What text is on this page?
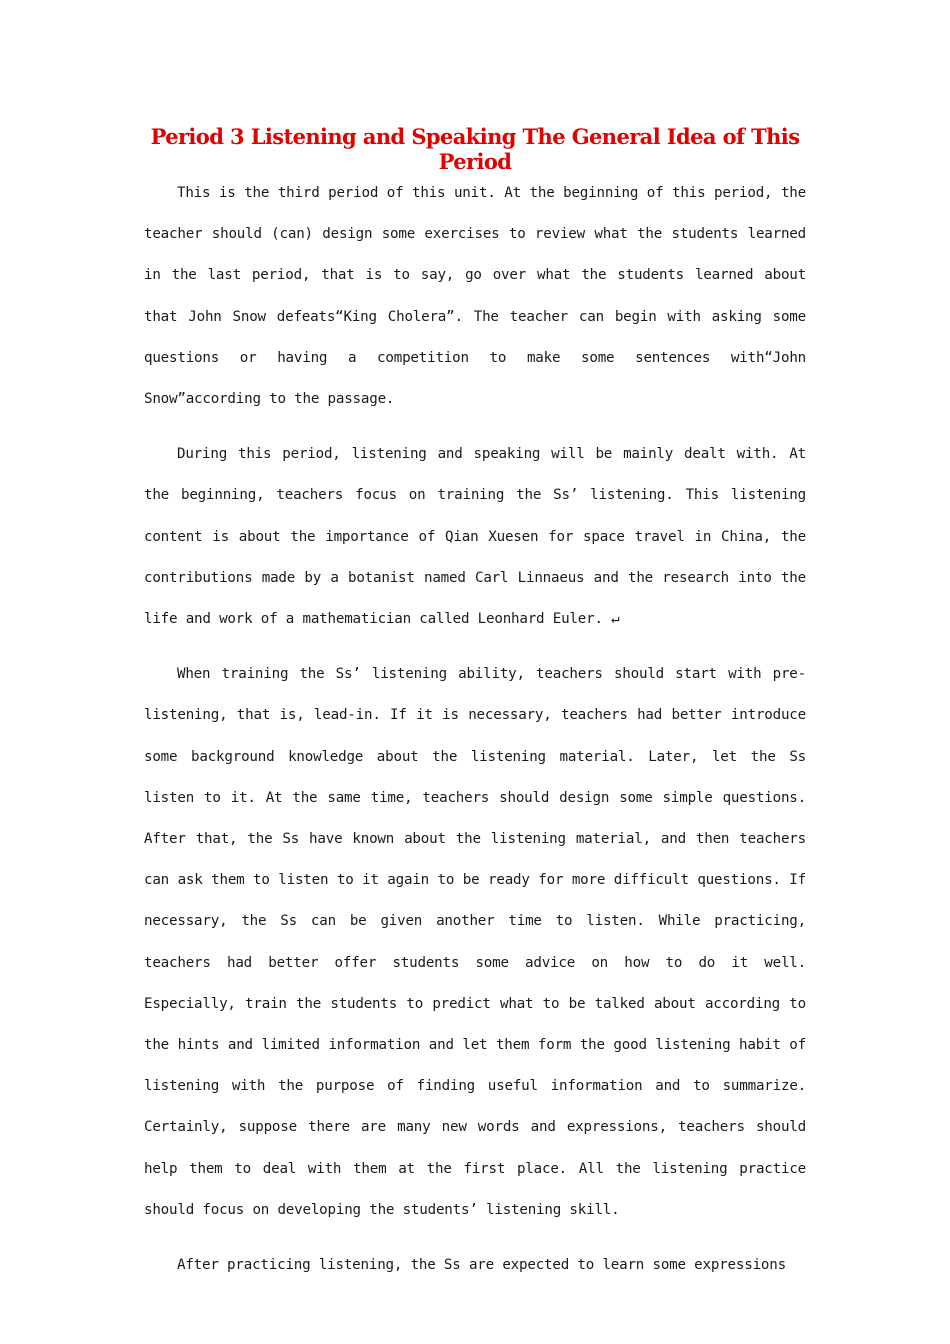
Period 3 Listening and Speaking The General Idea of This Period

This is the third period of this unit. At the beginning of this period, the teacher should (can) design some exercises to review what the students learned in the last period, that is to say, go over what the students learned about that John Snow defeats“King Cholera”. The teacher can begin with asking some questions or having a competition to make some sentences with“John Snow”according to the passage.

During this period, listening and speaking will be mainly dealt with. At the beginning, teachers focus on training the Ss’ listening. This listening content is about the importance of Qian Xuesen for space travel in China, the contributions made by a botanist named Carl Linnaeus and the research into the life and work of a mathematician called Leonhard Euler. ↵

When training the Ss’ listening ability, teachers should start with pre-listening, that is, lead-in. If it is necessary, teachers had better introduce some background knowledge about the listening material. Later, let the Ss listen to it. At the same time, teachers should design some simple questions. After that, the Ss have known about the listening material, and then teachers can ask them to listen to it again to be ready for more difficult questions. If necessary, the Ss can be given another time to listen. While practicing, teachers had better offer students some advice on how to do it well. Especially, train the students to predict what to be talked about according to the hints and limited information and let them form the good listening habit of listening with the purpose of finding useful information and to summarize. Certainly, suppose there are many new words and expressions, teachers should help them to deal with them at the first place. All the listening practice should focus on developing the students’ listening skill.

After practicing listening, the Ss are expected to learn some expressions
